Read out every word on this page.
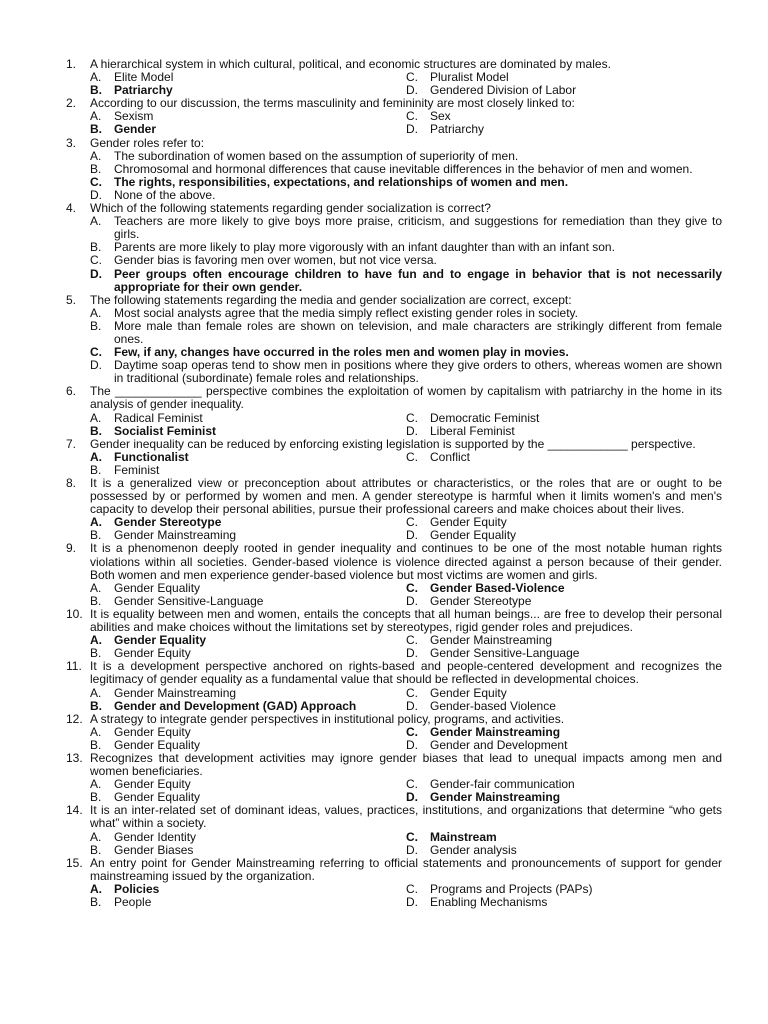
1.	A hierarchical system in which cultural, political, and economic structures are dominated by males.
A.	Elite Model	C.	Pluralist Model
B.	Patriarchy	D.	Gendered Division of Labor
2.	According to our discussion, the terms masculinity and femininity are most closely linked to:
A.	Sexism	C.	Sex
B.	Gender	D.	Patriarchy
3.	Gender roles refer to:
A.	The subordination of women based on the assumption of superiority of men.
B.	Chromosomal and hormonal differences that cause inevitable differences in the behavior of men and women.
C.	The rights, responsibilities, expectations, and relationships of women and men.
D.	None of the above.
4.	Which of the following statements regarding gender socialization is correct?
A.	Teachers are more likely to give boys more praise, criticism, and suggestions for remediation than they give to girls.
B.	Parents are more likely to play more vigorously with an infant daughter than with an infant son.
C.	Gender bias is favoring men over women, but not vice versa.
D.	Peer groups often encourage children to have fun and to engage in behavior that is not necessarily appropriate for their own gender.
5.	The following statements regarding the media and gender socialization are correct, except:
A.	Most social analysts agree that the media simply reflect existing gender roles in society.
B.	More male than female roles are shown on television, and male characters are strikingly different from female ones.
C.	Few, if any, changes have occurred in the roles men and women play in movies.
D.	Daytime soap operas tend to show men in positions where they give orders to others, whereas women are shown in traditional (subordinate) female roles and relationships.
6.	The _____________ perspective combines the exploitation of women by capitalism with patriarchy in the home in its analysis of gender inequality.
A.	Radical Feminist	C.	Democratic Feminist
B.	Socialist Feminist	D.	Liberal Feminist
7.	Gender inequality can be reduced by enforcing existing legislation is supported by the ____________ perspective.
A.	Functionalist	C.	Conflict
B.	Feminist
8.	It is a generalized view or preconception about attributes or characteristics, or the roles that are or ought to be possessed by or performed by women and men. A gender stereotype is harmful when it limits women's and men's capacity to develop their personal abilities, pursue their professional careers and make choices about their lives.
A.	Gender Stereotype	C.	Gender Equity
B.	Gender Mainstreaming	D.	Gender Equality
9.	It is a phenomenon deeply rooted in gender inequality and continues to be one of the most notable human rights violations within all societies. Gender-based violence is violence directed against a person because of their gender. Both women and men experience gender-based violence but most victims are women and girls.
A.	Gender Equality	C.	Gender Based-Violence
B.	Gender Sensitive-Language	D.	Gender Stereotype
10. It is equality between men and women, entails the concepts that all human beings... are free to develop their personal abilities and make choices without the limitations set by stereotypes, rigid gender roles and prejudices.
A.	Gender Equality	C.	Gender Mainstreaming
B.	Gender Equity	D.	Gender Sensitive-Language
11. It is a development perspective anchored on rights-based and people-centered development and recognizes the legitimacy of gender equality as a fundamental value that should be reflected in developmental choices.
A.	Gender Mainstreaming	C.	Gender Equity
B.	Gender and Development (GAD) Approach	D.	Gender-based Violence
12. A strategy to integrate gender perspectives in institutional policy, programs, and activities.
A.	Gender Equity	C.	Gender Mainstreaming
B.	Gender Equality	D.	Gender and Development
13. Recognizes that development activities may ignore gender biases that lead to unequal impacts among men and women beneficiaries.
A.	Gender Equity	C.	Gender-fair communication
B.	Gender Equality	D.	Gender Mainstreaming
14. It is an inter-related set of dominant ideas, values, practices, institutions, and organizations that determine “who gets what” within a society.
A.	Gender Identity	C.	Mainstream
B.	Gender Biases	D.	Gender analysis
15. An entry point for Gender Mainstreaming referring to official statements and pronouncements of support for gender mainstreaming issued by the organization.
A.	Policies	C.	Programs and Projects (PAPs)
B.	People	D.	Enabling Mechanisms
